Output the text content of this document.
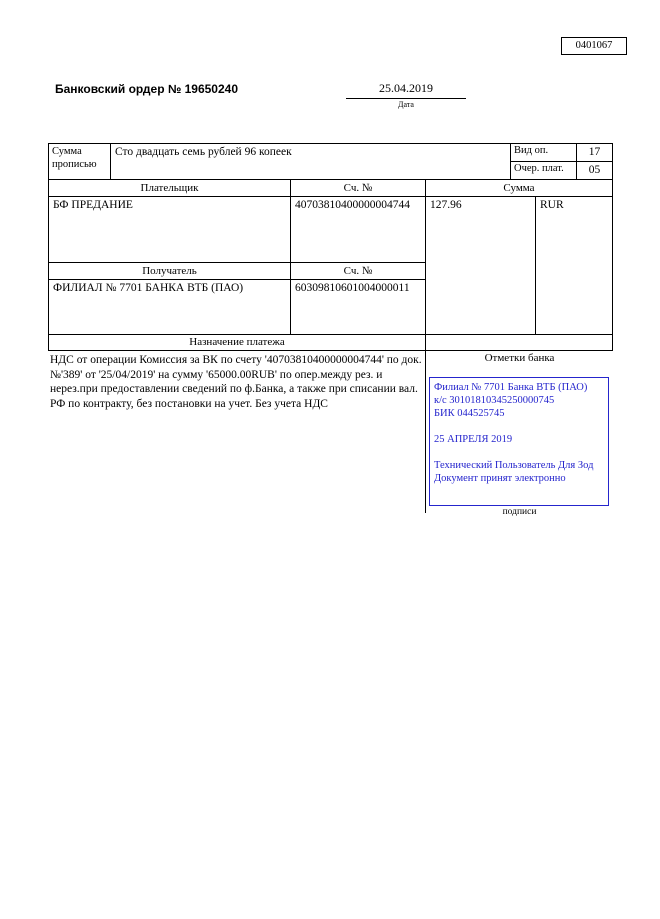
0401067
Банковский ордер № 19650240	25.04.2019
Дата
Сумма прописью
Сто двадцать семь рублей 96 копеек	Вид оп.	17
Очер. плат.	05
Плательщик	Сч. №	Сумма
БФ ПРЕДАНИЕ	40703810400000004744	127.96	RUR
Получатель	Сч. №
ФИЛИАЛ № 7701 БАНКА ВТБ (ПАО)	60309810601004000011
Назначение платежа
НДС от операции Комиссия за ВК по счету '40703810400000004744' по док.№'389' от '25/04/2019' на сумму '65000.00RUB' по опер.между рез. и нерез.при предоставлении сведений по ф.Банка, а также при списании вал. РФ по контракту, без постановки на учет. Без учета НДС
Отметки банка
Филиал № 7701 Банка ВТБ (ПАО)
к/с 30101810345250000745
БИК 044525745
25 АПРЕЛЯ 2019
Технический Пользователь Для Зод
Документ принят электронно
подписи
